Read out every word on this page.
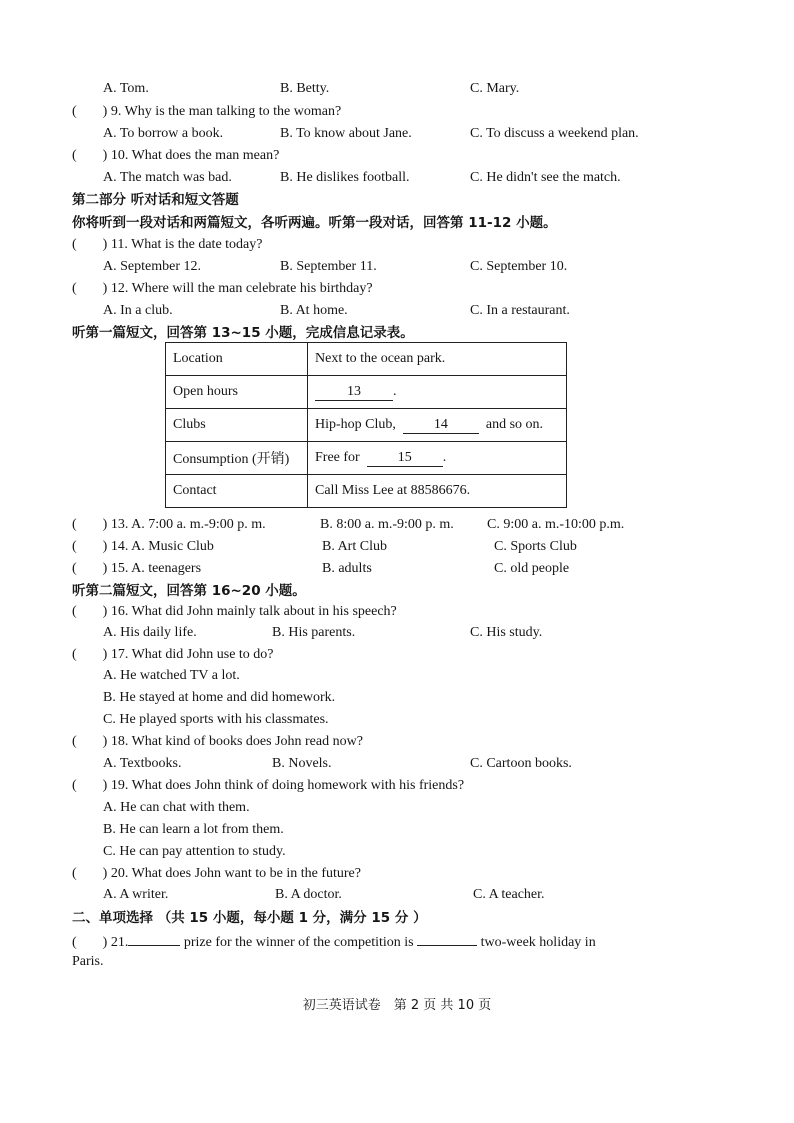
A. Tom.	B. Betty.	C. Mary.
( ) 9. Why is the man talking to the woman?
A. To borrow a book.	B. To know about Jane.	C. To discuss a weekend plan.
( ) 10. What does the man mean?
A. The match was bad.	B. He dislikes football.	C. He didn't see the match.
第二部分 听对话和短文答题
你将听到一段对话和两篇短文，各听两遍。听第一段对话，回答第 11-12 小题。
( ) 11. What is the date today?
A. September 12.	B. September 11.	C. September 10.
( ) 12. Where will the man celebrate his birthday?
A. In a club.	B. At home.	C. In a restaurant.
听第一篇短文，回答第 13~15 小题，完成信息记录表。
Location	Next to the ocean park.
Open hours	13 .
Clubs	Hip-hop Club, 14 and so on.
Consumption (开销)	Free for 15 .
Contact	Call Miss Lee at 88586676.
( ) 13. A. 7:00 a. m.-9:00 p. m.	B. 8:00 a. m.-9:00 p. m. C. 9:00 a. m.-10:00 p.m.
( ) 14. A. Music Club	B. Art Club	C. Sports Club
( ) 15. A. teenagers	B. adults	C. old people
听第二篇短文，回答第 16~20 小题。
( ) 16. What did John mainly talk about in his speech?
A. His daily life.	B. His parents.	C. His study.
( ) 17. What did John use to do?
A. He watched TV a lot.
B. He stayed at home and did homework.
C. He played sports with his classmates.
( ) 18. What kind of books does John read now?
A. Textbooks.	B. Novels.	C. Cartoon books.
( ) 19. What does John think of doing homework with his friends?
A. He can chat with them.
B. He can learn a lot from them.
C. He can pay attention to study.
( ) 20. What does John want to be in the future?
A. A writer.	B. A doctor.	C. A teacher.
二、单项选择 （共 15 小题，每小题 1 分，满分 15 分 ）
( ) 21.	prize for the winner of the competition is	two-week holiday in
Paris.
初三英语试卷　第 2 页 共 10 页
